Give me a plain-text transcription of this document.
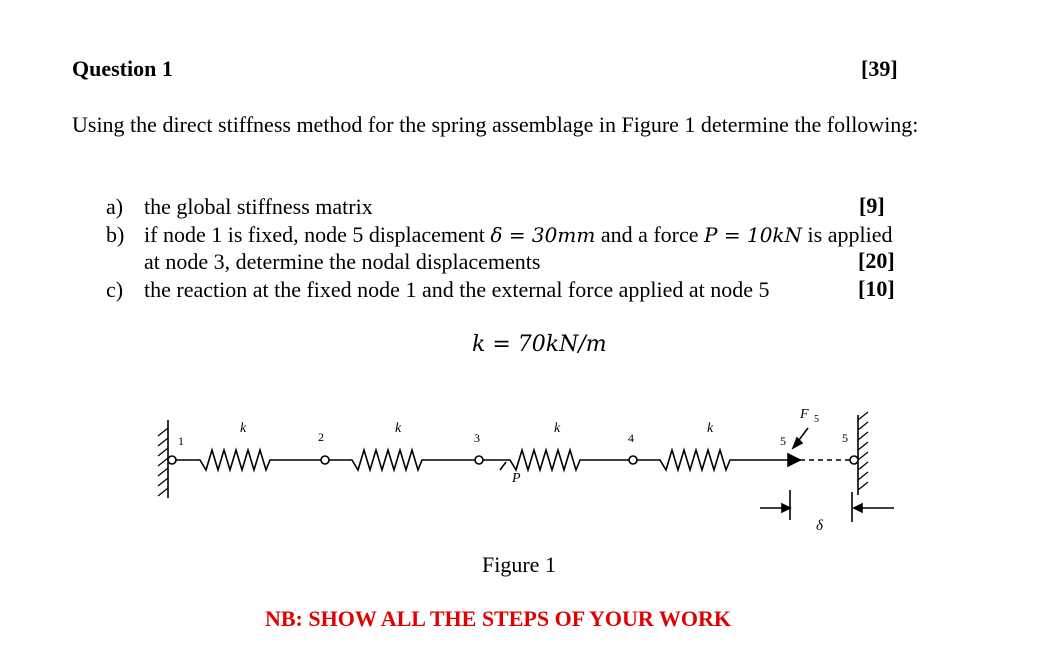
Question 1	[39]
Using the direct stiffness method for the spring assemblage in Figure 1 determine the following:
a) the global stiffness matrix	[9]
b) if node 1 is fixed, node 5 displacement δ = 30mm and a force P = 10kN is applied
at node 3, determine the nodal displacements	[20]
c) the reaction at the fixed node 1 and the external force applied at node 5	[10]
k = 70kN/m
k	k	k	k
P
F 5
δ
1	2	3	4	5	5
Figure 1
NB: SHOW ALL THE STEPS OF YOUR WORK
